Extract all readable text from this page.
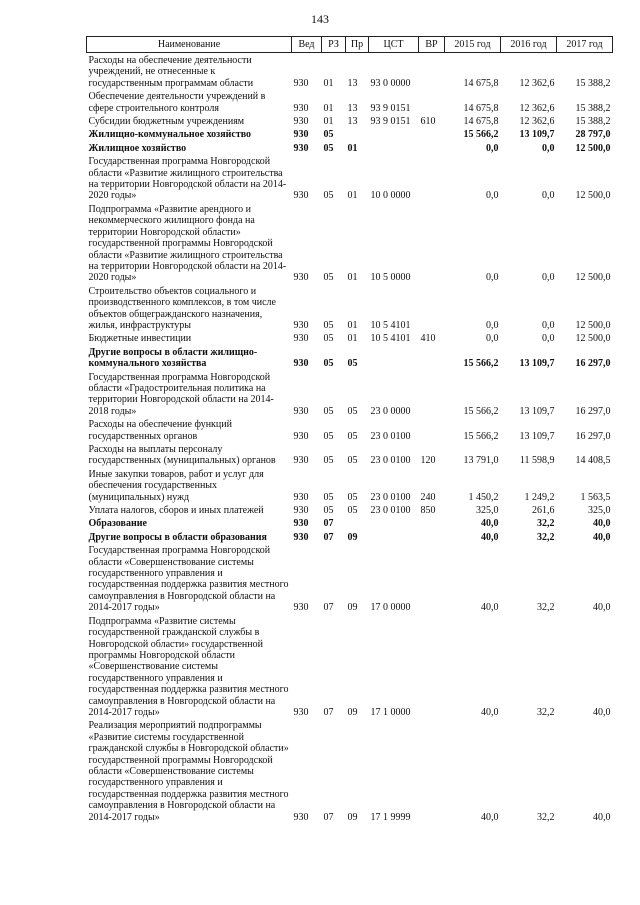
143
Наименование	Вед	РЗ	Пр	ЦСТ	ВР	2015 год	2016 год	2017 год
Расходы на обеспечение деятельности учреждений, не отнесенные к государственным программам области	930	01	13	93 0 0000		14 675,8	12 362,6	15 388,2
Обеспечение деятельности учреждений в сфере строительного контроля	930	01	13	93 9 0151		14 675,8	12 362,6	15 388,2
Субсидии бюджетным учреждениям	930	01	13	93 9 0151	610	14 675,8	12 362,6	15 388,2
Жилищно-коммунальное хозяйство	930	05				15 566,2	13 109,7	28 797,0
Жилищное хозяйство	930	05	01			0,0	0,0	12 500,0
Государственная программа Новгородской области «Развитие жилищного строительства на территории Новгородской области на 2014-2020 годы»	930	05	01	10 0 0000		0,0	0,0	12 500,0
Подпрограмма «Развитие арендного и некоммерческого жилищного фонда на территории Новгородской области» государственной программы Новгородской области «Развитие жилищного строительства на территории Новгородской области на 2014-2020 годы»	930	05	01	10 5 0000		0,0	0,0	12 500,0
Строительство объектов социального и производственного комплексов, в том числе объектов общегражданского назначения, жилья, инфраструктуры	930	05	01	10 5 4101		0,0	0,0	12 500,0
Бюджетные инвестиции	930	05	01	10 5 4101	410	0,0	0,0	12 500,0
Другие вопросы в области жилищно-коммунального хозяйства	930	05	05			15 566,2	13 109,7	16 297,0
Государственная программа Новгородской области «Градостроительная политика на территории Новгородской области на 2014-2018 годы»	930	05	05	23 0 0000		15 566,2	13 109,7	16 297,0
Расходы на обеспечение функций государственных органов	930	05	05	23 0 0100		15 566,2	13 109,7	16 297,0
Расходы на выплаты персоналу государственных (муниципальных) органов	930	05	05	23 0 0100	120	13 791,0	11 598,9	14 408,5
Иные закупки товаров, работ и услуг для обеспечения государственных (муниципальных) нужд	930	05	05	23 0 0100	240	1 450,2	1 249,2	1 563,5
Уплата налогов, сборов и иных платежей	930	05	05	23 0 0100	850	325,0	261,6	325,0
Образование	930	07				40,0	32,2	40,0
Другие вопросы в области образования	930	07	09			40,0	32,2	40,0
Государственная программа Новгородской области «Совершенствование системы государственного управления и государственная поддержка развития местного самоуправления в Новгородской области на 2014-2017 годы»	930	07	09	17 0 0000		40,0	32,2	40,0
Подпрограмма «Развитие системы государственной гражданской службы в Новгородской области» государственной программы Новгородской области «Совершенствование системы государственного управления и государственная поддержка развития местного самоуправления в Новгородской области на 2014-2017 годы»	930	07	09	17 1 0000		40,0	32,2	40,0
Реализация мероприятий подпрограммы «Развитие системы государственной гражданской службы в Новгородской области» государственной программы Новгородской области «Совершенствование системы государственного управления и государственная поддержка развития местного самоуправления в Новгородской области на 2014-2017 годы»	930	07	09	17 1 9999		40,0	32,2	40,0
